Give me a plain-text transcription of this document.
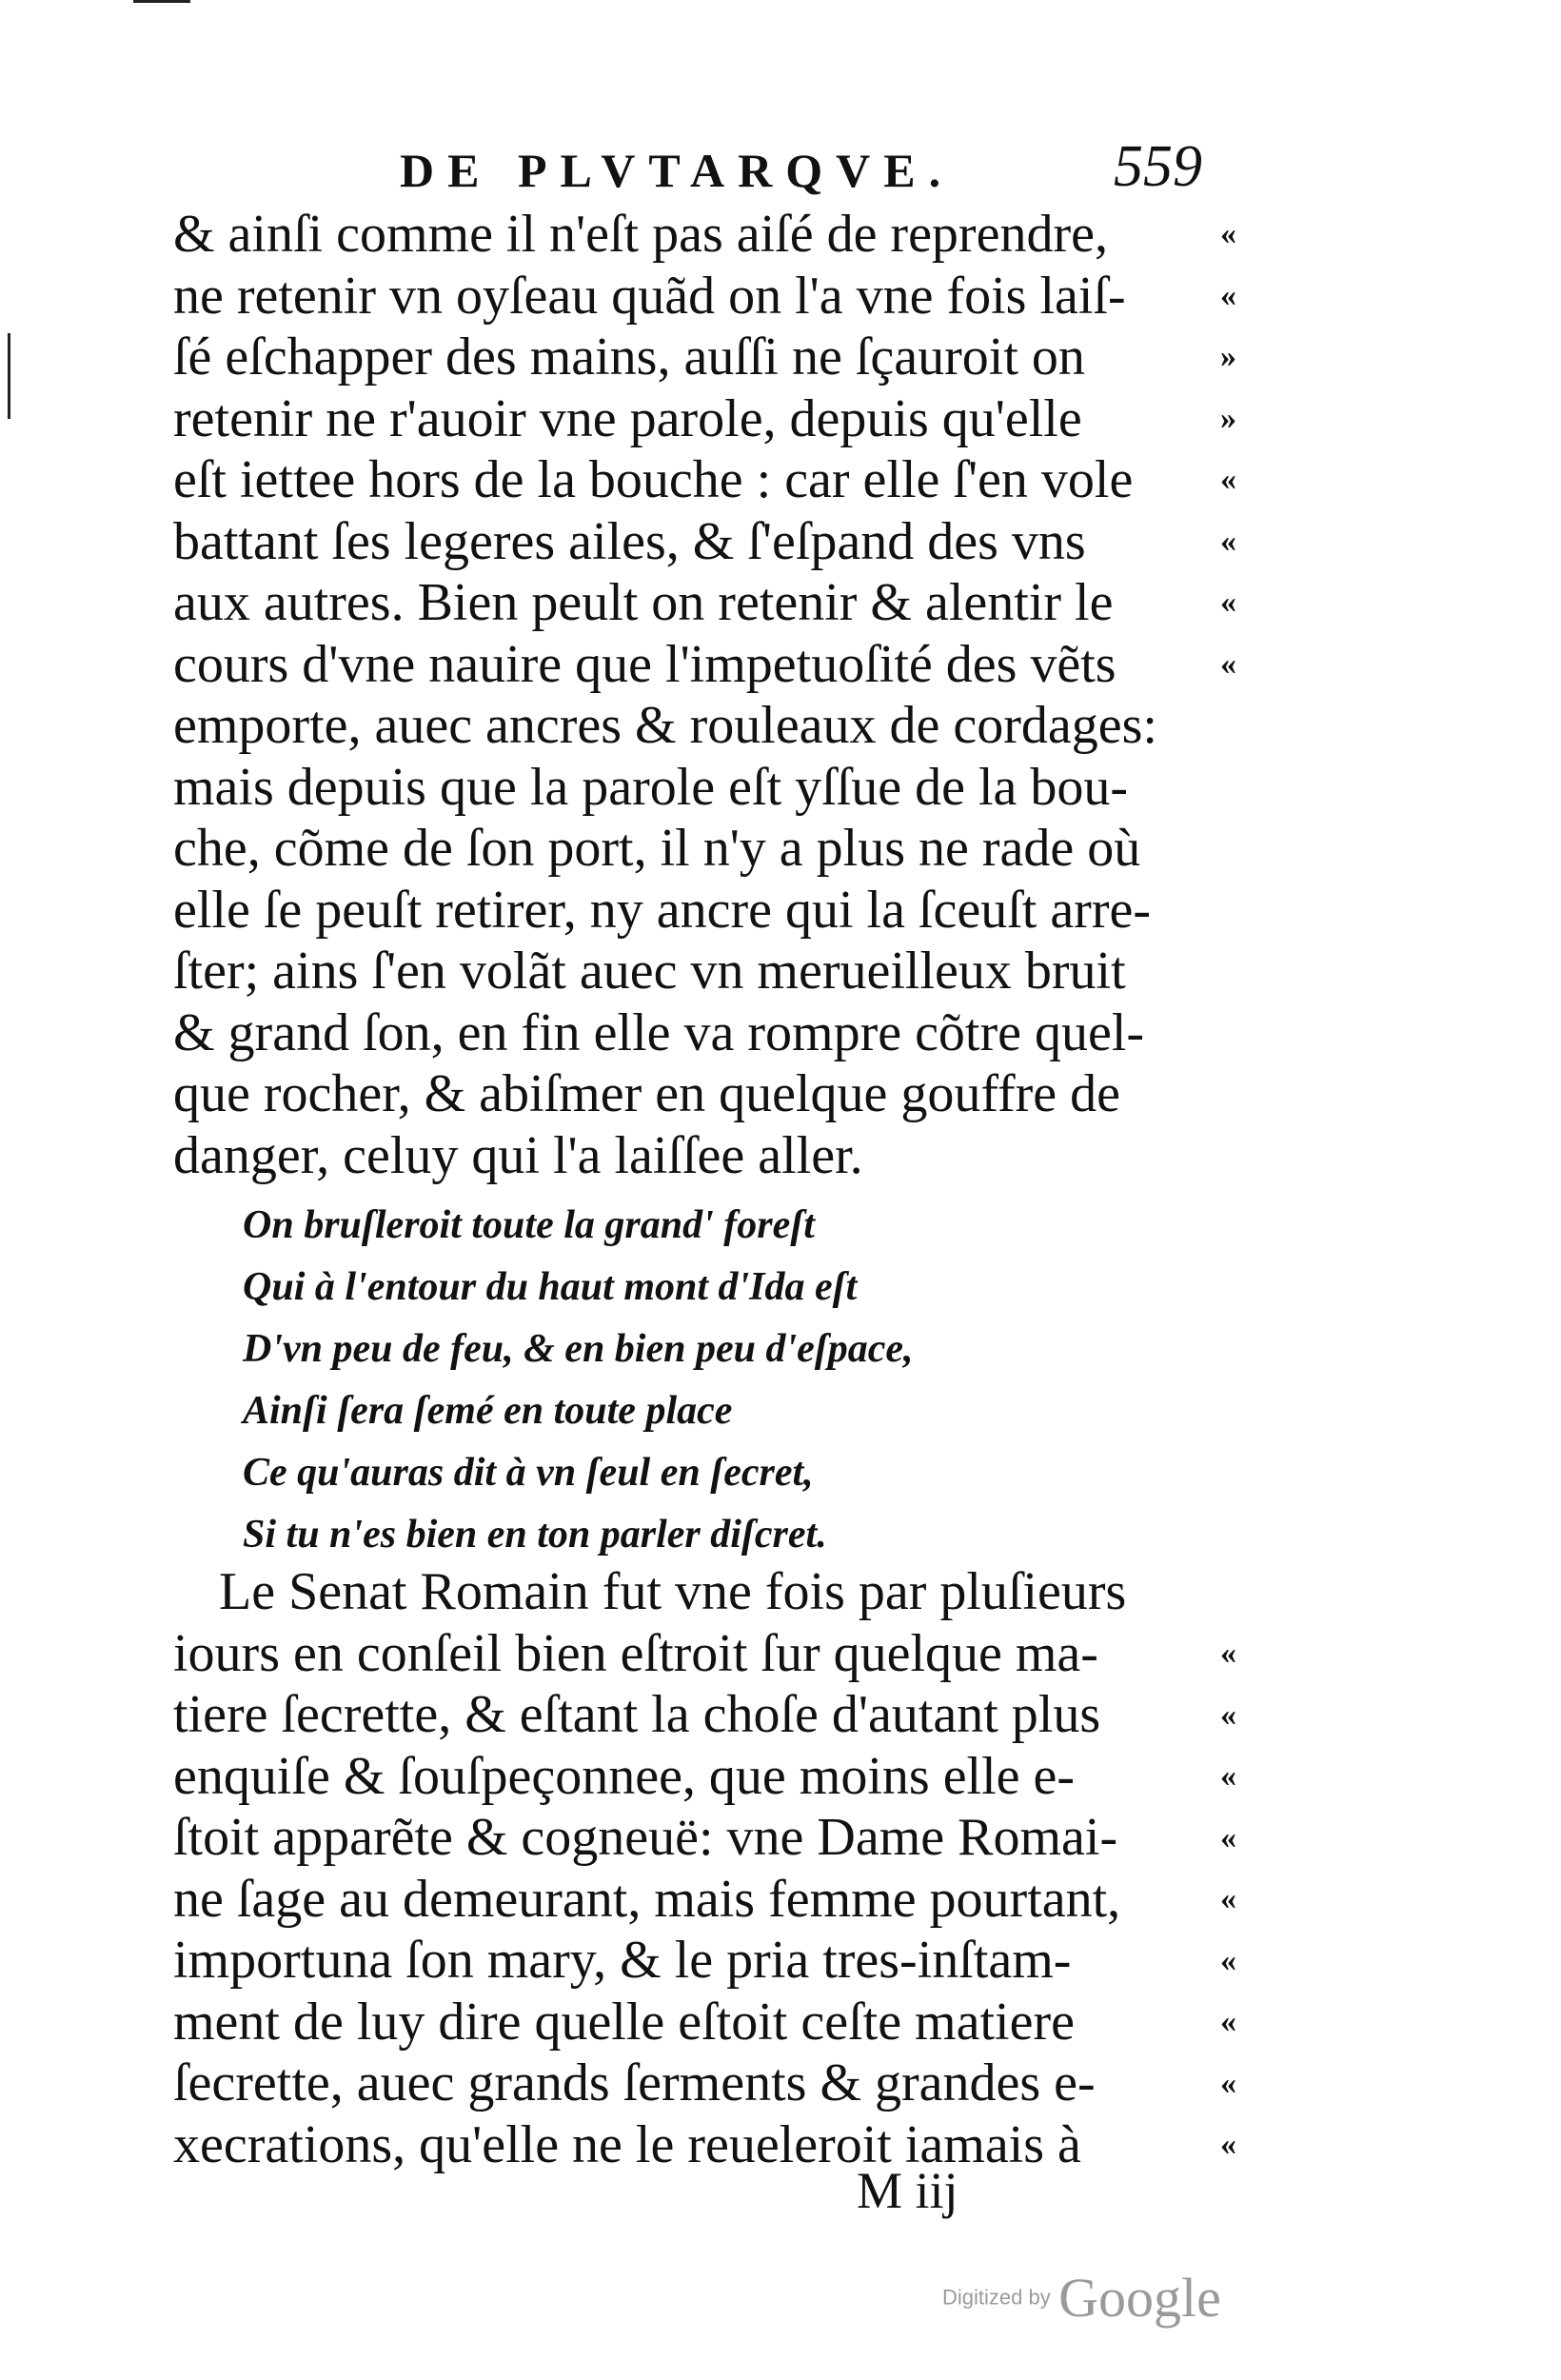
DE PLVTARQVE.	559
& ainſi comme il n'eſt pas aiſé de reprendre,
ne retenir vn oyſeau quãd on l'a vne fois laiſ-
ſé eſchapper des mains, auſſi ne ſçauroit on
retenir ne r'auoir vne parole, depuis qu'elle
eſt iettee hors de la bouche : car elle ſ'en vole
battant ſes legeres ailes, & ſ'eſpand des vns
aux autres. Bien peult on retenir & alentir le
cours d'vne nauire que l'impetuoſité des vẽts
emporte, auec ancres & rouleaux de cordages:
mais depuis que la parole eſt yſſue de la bou-
che, cõme de ſon port, il n'y a plus ne rade où
elle ſe peuſt retirer, ny ancre qui la ſceuſt arre-
ſter; ains ſ'en volãt auec vn merueilleux bruit
& grand ſon, en fin elle va rompre cõtre quel-
que rocher, & abiſmer en quelque gouffre de
danger, celuy qui l'a laiſſee aller.
«
«
»
»
«
«
«
«
On bruſleroit toute la grand' foreſt
Qui à l'entour du haut mont d'Ida eſt
D'vn peu de feu, & en bien peu d'eſpace,
Ainſi ſera ſemé en toute place
Ce qu'auras dit à vn ſeul en ſecret,
Si tu n'es bien en ton parler diſcret.
Le Senat Romain fut vne fois par pluſieurs
iours en conſeil bien eſtroit ſur quelque ma-
tiere ſecrette, & eſtant la choſe d'autant plus
enquiſe & ſouſpeçonnee, que moins elle e-
ſtoit apparẽte & cogneuë: vne Dame Romai-
ne ſage au demeurant, mais femme pourtant,
importuna ſon mary, & le pria tres-inſtam-
ment de luy dire quelle eſtoit ceſte matiere
ſecrette, auec grands ſerments & grandes e-
xecrations, qu'elle ne le reueleroit iamais à
«
«
«
«
«
«
«
«
«
M iij
Digitized by Google
